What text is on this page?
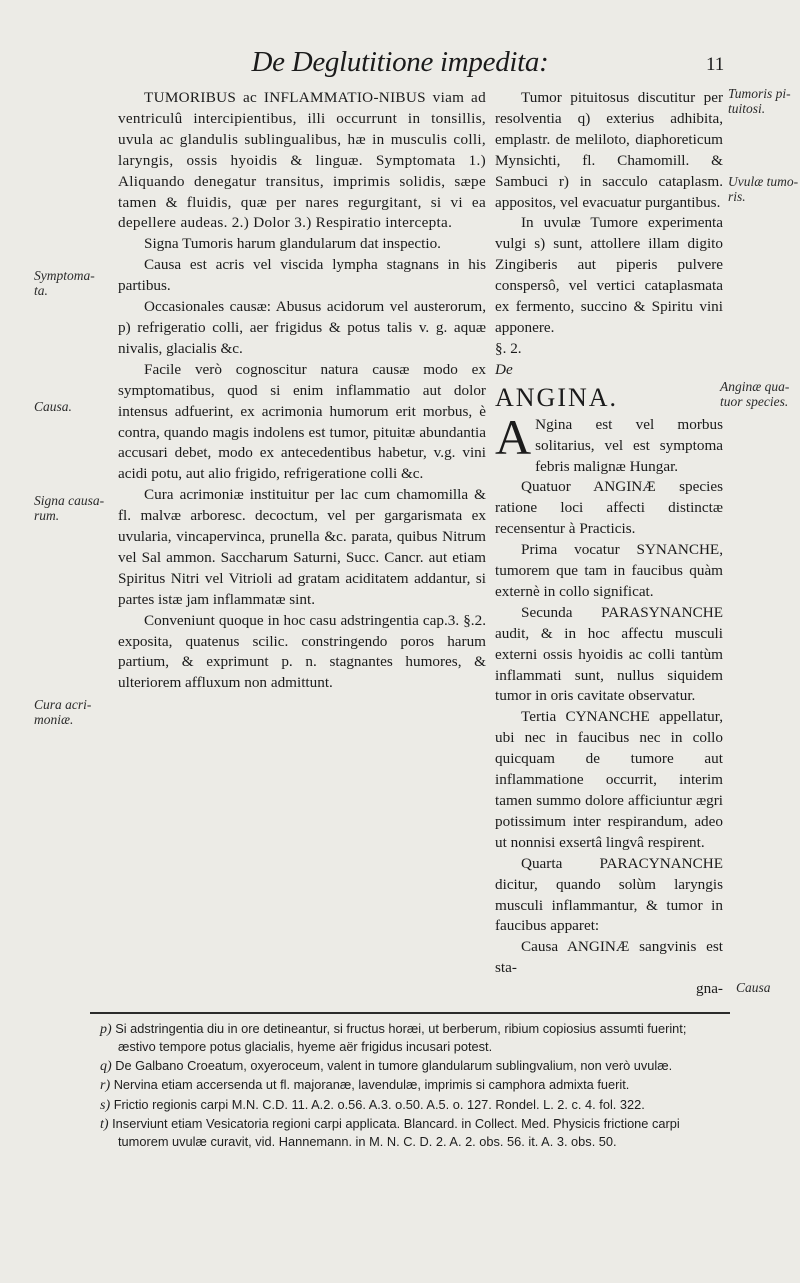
De Deglutitione impedita:	11
Symptoma-
ta.
Causa.
Signa causa-
rum.
Cura acri-
moniæ.
Tumoris pi-
tuitosi.
Uvulæ tumo-
ris.
Anginæ qua-
tuor species.
Causa

TUMORIBUS ac INFLAMMATIO-NIBUS viam ad ventriculû intercipientibus, illi occurrunt in tonsillis, uvula ac glandulis sublingualibus, hæ in musculis colli, laryngis, ossis hyoidis & linguæ. Symptomata 1.) Aliquando denegatur transitus, imprimis solidis, sæpe tamen & fluidis, quæ per nares regurgitant, si vi ea depellere audeas. 2.) Dolor 3.) Respiratio intercepta.

Signa Tumoris harum glandularum dat inspectio.

Causa est acris vel viscida lympha stagnans in his partibus.

Occasionales causæ: Abusus acidorum vel austerorum, p) refrigeratio colli, aer frigidus & potus talis v. g. aquæ nivalis, glacialis &c.

Facile verò cognoscitur natura causæ modo ex symptomatibus, quod si enim inflammatio aut dolor intensus adfuerint, ex acrimonia humorum erit morbus, è contra, quando magis indolens est tumor, pituitæ abundantia accusari debet, modo ex antecedentibus habetur, v.g. vini acidi potu, aut alio frigido, refrigeratione colli &c.

Cura acrimoniæ instituitur per lac cum chamomilla & fl. malvæ arboresc. decoctum, vel per gargarismata ex uvularia, vincapervinca, prunella &c. parata, quibus Nitrum vel Sal ammon. Saccharum Saturni, Succ. Cancr. aut etiam Spiritus Nitri vel Vitrioli ad gratam aciditatem addantur, si partes istæ jam inflammatæ sint.

Conveniunt quoque in hoc casu adstringentia cap.3. §.2. exposita, quatenus scilic. constringendo poros harum partium, & exprimunt p. n. stagnantes humores, & ulteriorem affluxum non admittunt.

Tumor pituitosus discutitur per resolventia q) exterius adhibita, emplastr. de meliloto, diaphoreticum Mynsichti, fl. Chamomill. & Sambuci r) in sacculo cataplasm. appositos, vel evacuatur purgantibus.

In uvulæ Tumore experimenta vulgi s) sunt, attollere illam digito Zingiberis aut piperis pulvere conspersô, vel vertici cataplasmata ex fermento, succino & Spiritu vini apponere.

§. 2.

De

ANGINA.

A Ngina est vel morbus solitarius, vel est symptoma febris malignæ Hungar.

Quatuor ANGINÆ species ratione loci affecti distinctæ recensentur à Practicis.

Prima vocatur SYNANCHE, tumorem que tam in faucibus quàm externè in collo significat.

Secunda PARASYNANCHE audit, & in hoc affectu musculi externi ossis hyoidis ac colli tantùm inflammati sunt, nullus siquidem tumor in oris cavitate observatur.

Tertia CYNANCHE appellatur, ubi nec in faucibus nec in collo quicquam de tumore aut inflammatione occurrit, interim tamen summo dolore afficiuntur ægri potissimum inter respirandum, adeo ut nonnisi exsertâ lingvâ respirent.

Quarta PARACYNANCHE dicitur, quando solùm laryngis musculi inflammantur, & tumor in faucibus apparet:

Causa ANGINÆ sangvinis est sta-

gna-

p) Si adstringentia diu in ore detineantur, si fructus horæi, ut berberum, ribium copiosius assumti fuerint; æstivo tempore potus glacialis, hyeme aër frigidus incusari potest.

q) De Galbano Croeatum, oxyeroceum, valent in tumore glandularum sublingvalium, non verò uvulæ.

r) Nervina etiam accersenda ut fl. majoranæ, lavendulæ, imprimis si camphora admixta fuerit.

s) Frictio regionis carpi M.N. C.D. 11. A.2. o.56. A.3. o.50. A.5. o. 127. Rondel. L. 2. c. 4. fol. 322.

t) Inserviunt etiam Vesicatoria regioni carpi applicata. Blancard. in Collect. Med. Physicis frictione carpi tumorem uvulæ curavit, vid. Hannemann. in M. N. C. D. 2. A. 2. obs. 56. it. A. 3. obs. 50.
